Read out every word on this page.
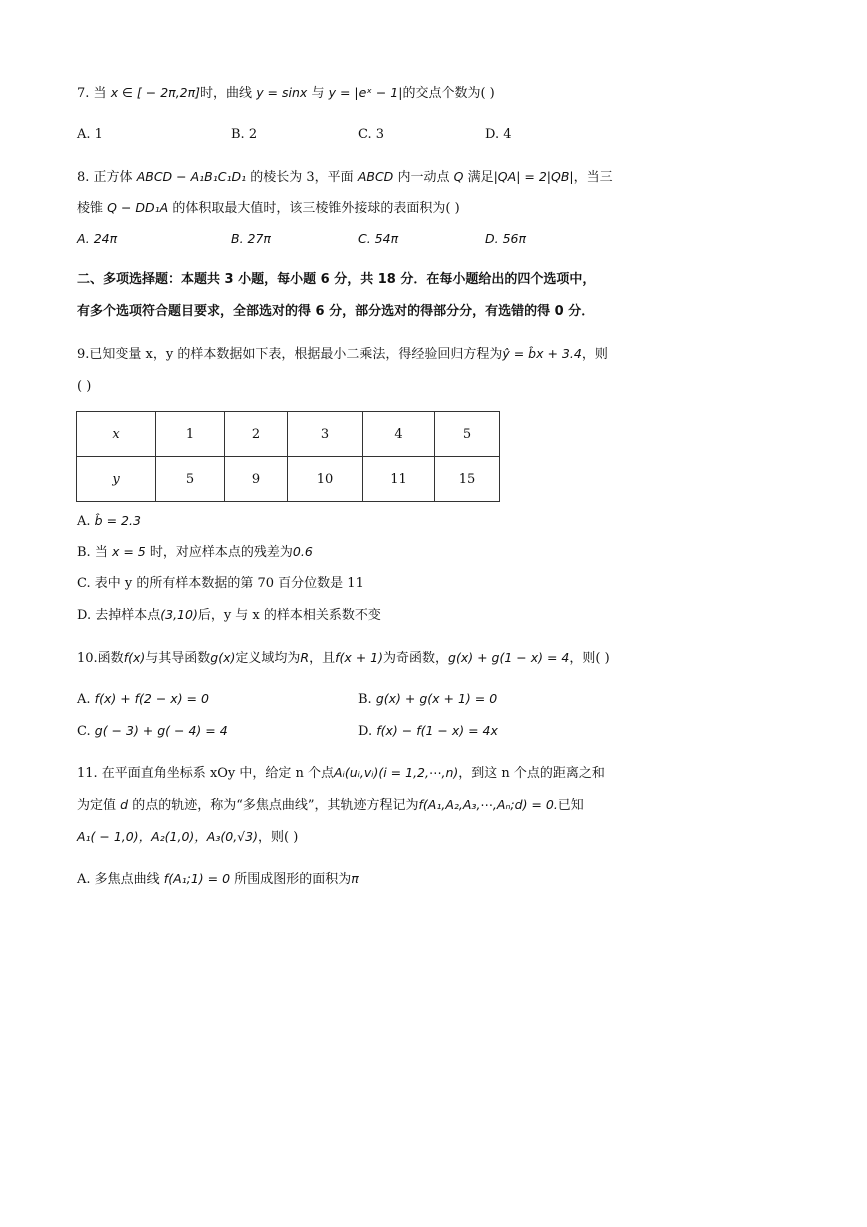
7. 当 x ∈ [ − 2π,2π]时，曲线 y = sinx 与 y = |eˣ − 1|的交点个数为( )
A. 1	B. 2	C. 3	D. 4
8. 正方体 ABCD − A₁B₁C₁D₁ 的棱长为 3，平面 ABCD 内一动点 Q 满足|QA| = 2|QB|，当三
棱锥 Q − DD₁A 的体积取最大值时，该三棱锥外接球的表面积为( )
A. 24π	B. 27π	C. 54π	D. 56π
二、多项选择题：本题共 3 小题，每小题 6 分，共 18 分．在每小题给出的四个选项中，
有多个选项符合题目要求，全部选对的得 6 分，部分选对的得部分分，有选错的得 0 分．
9.已知变量 x，y 的样本数据如下表，根据最小二乘法，得经验回归方程为ŷ = b̂x + 3.4，则
( )
x	1	2	3	4	5
y	5	9	10	11	15
A. b̂ = 2.3
B. 当 x = 5 时，对应样本点的残差为0.6
C. 表中 y 的所有样本数据的第 70 百分位数是 11
D. 去掉样本点(3,10)后，y 与 x 的样本相关系数不变
10.函数f(x)与其导函数g(x)定义域均为R，且f(x + 1)为奇函数，g(x) + g(1 − x) = 4，则( )
A. f(x) + f(2 − x) = 0	B. g(x) + g(x + 1) = 0
C. g( − 3) + g( − 4) = 4	D. f(x) − f(1 − x) = 4x
11. 在平面直角坐标系 xOy 中，给定 n 个点Aᵢ(uᵢ,vᵢ)(i = 1,2,⋯,n)，到这 n 个点的距离之和
为定值 d 的点的轨迹，称为“多焦点曲线”，其轨迹方程记为f(A₁,A₂,A₃,⋯,Aₙ;d) = 0.已知
A₁( − 1,0)，A₂(1,0)，A₃(0,√3)，则( )
A. 多焦点曲线 f(A₁;1) = 0 所围成图形的面积为π
